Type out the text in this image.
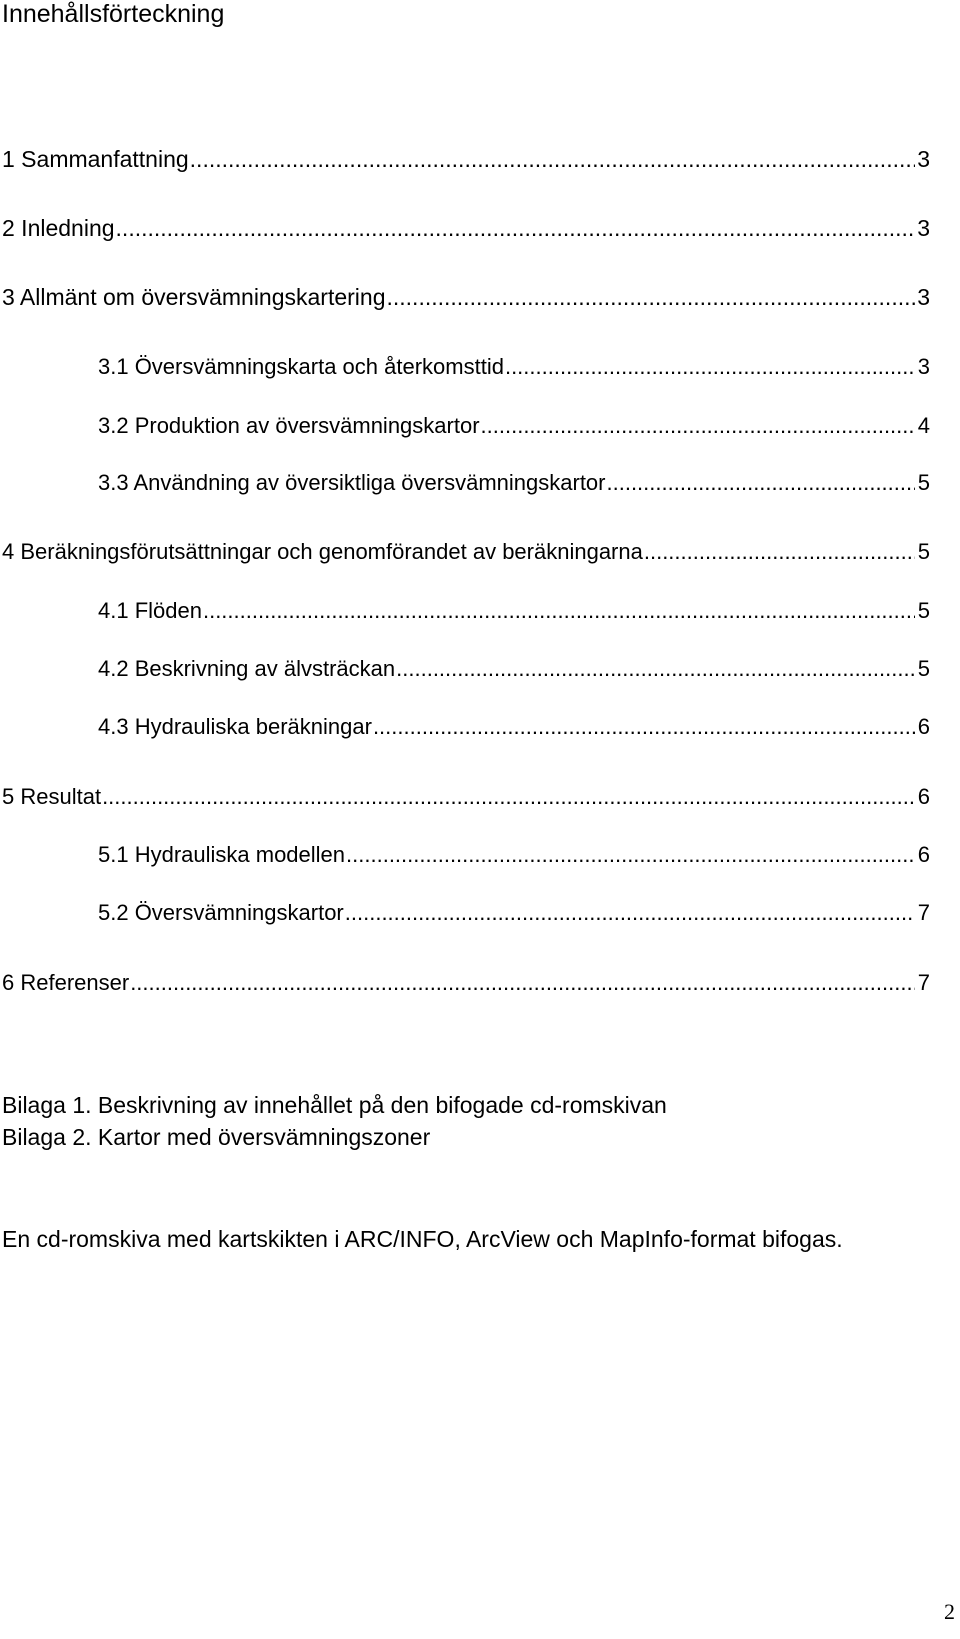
Innehållsförteckning
1 Sammanfattning .....	3
2 Inledning .....	3
3 Allmänt om översvämningskartering .....	3
3.1 Översvämningskarta och återkomsttid .....	3
3.2 Produktion av översvämningskartor .....	4
3.3 Användning av översiktliga översvämningskartor .....	5
4 Beräkningsförutsättningar och genomförandet av beräkningarna .....	5
4.1 Flöden .....	5
4.2 Beskrivning av älvsträckan .....	5
4.3 Hydrauliska beräkningar .....	6
5 Resultat .....	6
5.1 Hydrauliska modellen .....	6
5.2 Översvämningskartor .....	7
6 Referenser .....	7
Bilaga 1. Beskrivning av innehållet på den bifogade cd-romskivan
Bilaga 2. Kartor med översvämningszoner
En cd-romskiva med kartskikten i ARC/INFO, ArcView och MapInfo-format bifogas.
2
